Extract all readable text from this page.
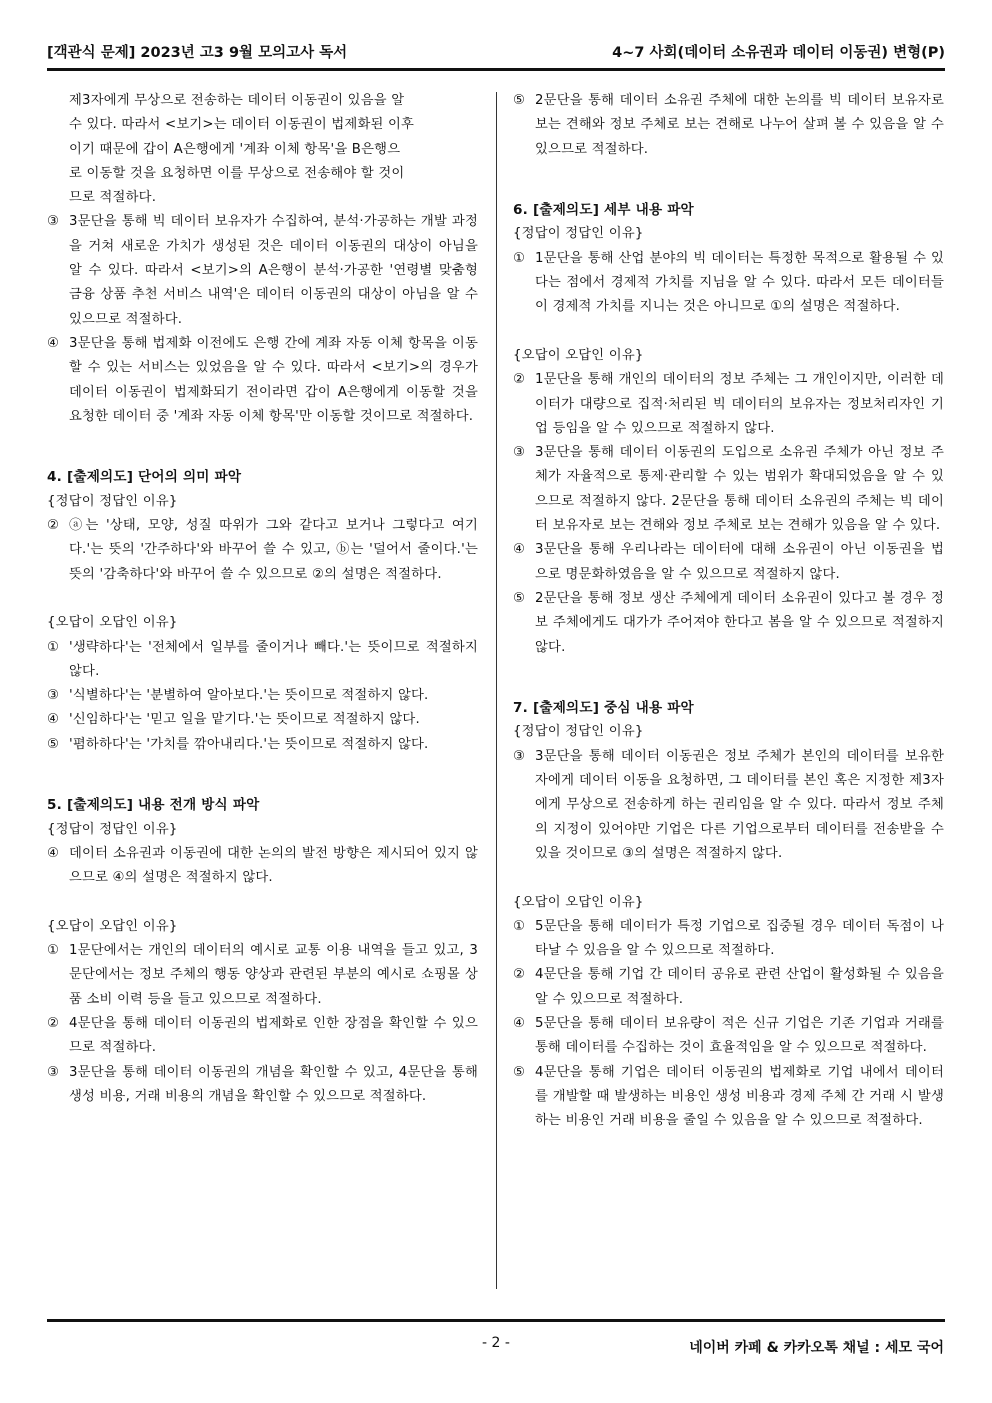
[객관식 문제] 2023년 고3 9월 모의고사 독서	4~7 사회(데이터 소유권과 데이터 이동권) 변형(P)
제3자에게 무상으로 전송하는 데이터 이동권이 있음을 알
수 있다. 따라서 <보기>는 데이터 이동권이 법제화된 이후
이기 때문에 갑이 A은행에게 '계좌 이체 항목'을 B은행으
로 이동할 것을 요청하면 이를 무상으로 전송해야 할 것이
므로 적절하다.
③ 3문단을 통해 빅 데이터 보유자가 수집하여, 분석·가공하는 개발 과정을 거쳐 새로운 가치가 생성된 것은 데이터 이동권의 대상이 아님을 알 수 있다. 따라서 <보기>의 A은행이 분석·가공한 '연령별 맞춤형 금융 상품 추천 서비스 내역'은 데이터 이동권의 대상이 아님을 알 수 있으므로 적절하다.
④ 3문단을 통해 법제화 이전에도 은행 간에 계좌 자동 이체 항목을 이동할 수 있는 서비스는 있었음을 알 수 있다. 따라서 <보기>의 경우가 데이터 이동권이 법제화되기 전이라면 갑이 A은행에게 이동할 것을 요청한 데이터 중 '계좌 자동 이체 항목'만 이동할 것이므로 적절하다.
4. [출제의도] 단어의 의미 파악
{정답이 정답인 이유}
② ⓐ는 '상태, 모양, 성질 따위가 그와 같다고 보거나 그렇다고 여기다.'는 뜻의 '간주하다'와 바꾸어 쓸 수 있고, ⓑ는 '덜어서 줄이다.'는 뜻의 '감축하다'와 바꾸어 쓸 수 있으므로 ②의 설명은 적절하다.
{오답이 오답인 이유}
① '생략하다'는 '전체에서 일부를 줄이거나 빼다.'는 뜻이므로 적절하지 않다.
③ '식별하다'는 '분별하여 알아보다.'는 뜻이므로 적절하지 않다.
④ '신임하다'는 '믿고 일을 맡기다.'는 뜻이므로 적절하지 않다.
⑤ '폄하하다'는 '가치를 깎아내리다.'는 뜻이므로 적절하지 않다.
5. [출제의도] 내용 전개 방식 파악
{정답이 정답인 이유}
④ 데이터 소유권과 이동권에 대한 논의의 발전 방향은 제시되어 있지 않으므로 ④의 설명은 적절하지 않다.
{오답이 오답인 이유}
① 1문단에서는 개인의 데이터의 예시로 교통 이용 내역을 들고 있고, 3문단에서는 정보 주체의 행동 양상과 관련된 부분의 예시로 쇼핑몰 상품 소비 이력 등을 들고 있으므로 적절하다.
② 4문단을 통해 데이터 이동권의 법제화로 인한 장점을 확인할 수 있으므로 적절하다.
③ 3문단을 통해 데이터 이동권의 개념을 확인할 수 있고, 4문단을 통해 생성 비용, 거래 비용의 개념을 확인할 수 있으므로 적절하다.
⑤ 2문단을 통해 데이터 소유권 주체에 대한 논의를 빅 데이터 보유자로 보는 견해와 정보 주체로 보는 견해로 나누어 살펴 볼 수 있음을 알 수 있으므로 적절하다.
6. [출제의도] 세부 내용 파악
{정답이 정답인 이유}
① 1문단을 통해 산업 분야의 빅 데이터는 특정한 목적으로 활용될 수 있다는 점에서 경제적 가치를 지님을 알 수 있다. 따라서 모든 데이터들이 경제적 가치를 지니는 것은 아니므로 ①의 설명은 적절하다.
{오답이 오답인 이유}
② 1문단을 통해 개인의 데이터의 정보 주체는 그 개인이지만, 이러한 데이터가 대량으로 집적·처리된 빅 데이터의 보유자는 정보처리자인 기업 등임을 알 수 있으므로 적절하지 않다.
③ 3문단을 통해 데이터 이동권의 도입으로 소유권 주체가 아닌 정보 주체가 자율적으로 통제·관리할 수 있는 범위가 확대되었음을 알 수 있으므로 적절하지 않다. 2문단을 통해 데이터 소유권의 주체는 빅 데이터 보유자로 보는 견해와 정보 주체로 보는 견해가 있음을 알 수 있다.
④ 3문단을 통해 우리나라는 데이터에 대해 소유권이 아닌 이동권을 법으로 명문화하였음을 알 수 있으므로 적절하지 않다.
⑤ 2문단을 통해 정보 생산 주체에게 데이터 소유권이 있다고 볼 경우 정보 주체에게도 대가가 주어져야 한다고 봄을 알 수 있으므로 적절하지 않다.
7. [출제의도] 중심 내용 파악
{정답이 정답인 이유}
③ 3문단을 통해 데이터 이동권은 정보 주체가 본인의 데이터를 보유한 자에게 데이터 이동을 요청하면, 그 데이터를 본인 혹은 지정한 제3자에게 무상으로 전송하게 하는 권리임을 알 수 있다. 따라서 정보 주체의 지정이 있어야만 기업은 다른 기업으로부터 데이터를 전송받을 수 있을 것이므로 ③의 설명은 적절하지 않다.
{오답이 오답인 이유}
① 5문단을 통해 데이터가 특정 기업으로 집중될 경우 데이터 독점이 나타날 수 있음을 알 수 있으므로 적절하다.
② 4문단을 통해 기업 간 데이터 공유로 관련 산업이 활성화될 수 있음을 알 수 있으므로 적절하다.
④ 5문단을 통해 데이터 보유량이 적은 신규 기업은 기존 기업과 거래를 통해 데이터를 수집하는 것이 효율적임을 알 수 있으므로 적절하다.
⑤ 4문단을 통해 기업은 데이터 이동권의 법제화로 기업 내에서 데이터를 개발할 때 발생하는 비용인 생성 비용과 경제 주체 간 거래 시 발생하는 비용인 거래 비용을 줄일 수 있음을 알 수 있으므로 적절하다.
- 2 -	네이버 카페 & 카카오톡 채널 : 세모 국어
